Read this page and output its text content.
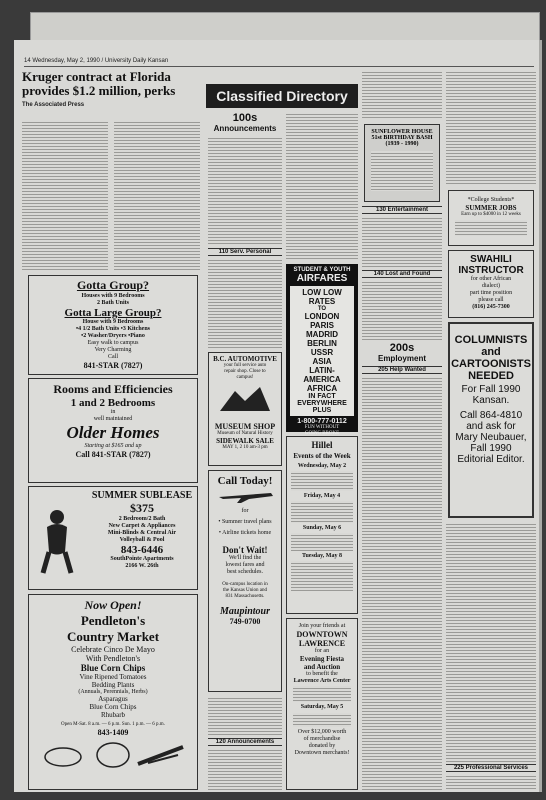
14 Wednesday, May 2, 1990 / University Daily Kansan
Kruger contract at Florida provides $1.2 million, perks
The Associated Press
Gotta Group?
Houses with 9 Bedrooms
2 Bath Units
Gotta Large Group?
House with 9 Bedrooms
•4 1/2 Bath Units •3 Kitchens
•2 Washer/Dryers •Piano
Easy walk to campus
Very Charming
Call
841-STAR (7827)
Rooms and Efficiencies
1 and 2 Bedrooms
in
well maintained
Older Homes
Starting at $165 and up
Call 841-STAR (7827)
SUMMER SUBLEASE
$375
2 Bedroom/2 Bath
New Carpet & Appliances
Mini-Blinds & Central Air
Volleyball & Pool
843-6446
SouthPointe Apartments
2166 W. 26th
Now Open!
Pendleton's
Country Market
Celebrate Cinco De Mayo
With Pendleton's
Blue Corn Chips
Vine Ripened Tomatoes
Bedding Plants
(Annuals, Perennials, Herbs)
Asparagus
Blue Corn Chips
Rhubarb
Open M-Sat. 8 a.m. — 6 p.m. Sun. 1 p.m. — 6 p.m.
843-1409
Classified Directory
100s
Announcements
110 Serv. Personal
B.C. AUTOMOTIVE
your full service auto
repair shop. Close to
campus!
MUSEUM SHOP
Museum of Natural History
SIDEWALK SALE
MAY 1, 2 10 am-3 pm
Call Today!
for
• Summer travel plans
• Airline tickets home
Don't Wait!
We'll find the
lowest fares and
best schedules.
On-campus location in
the Kansas Union and
831 Massachusetts.
Maupintour
749-0700
120 Announcements
STUDENT & YOUTH
AIRFARES
LOW LOW
RATES
TO
LONDON
PARIS
MADRID
BERLIN
USSR
ASIA
LATIN-
AMERICA
AFRICA
IN FACT
EVERYWHERE
PLUS
1-800-777-0112
FUN WITHOUT
GOING BROKE
Hillel
Events of the Week
Wednesday, May 2
Friday, May 4
Sunday, May 6
Tuesday, May 8
Join your friends at
DOWNTOWN
LAWRENCE
for an
Evening Fiesta
and Auction
to benefit the
Lawrence Arts Center
Saturday, May 5
Over $12,000 worth
of merchandise
donated by
Downtown merchants!
SUNFLOWER HOUSE
51st BIRTHDAY BASH
(1939 - 1990)
130 Entertainment
140 Lost and Found
200s
Employment
205 Help Wanted
*College Students*
SUMMER JOBS
Earn up to $4000 in 12 weeks
SWAHILI
INSTRUCTOR
for other African
dialect)
part time position
please call
(816) 245-7300
COLUMNISTS
and
CARTOONISTS
NEEDED
For Fall 1990
Kansan.
Call 864-4810
and ask for
Mary Neubauer,
Fall 1990
Editorial Editor.
225 Professional Services
